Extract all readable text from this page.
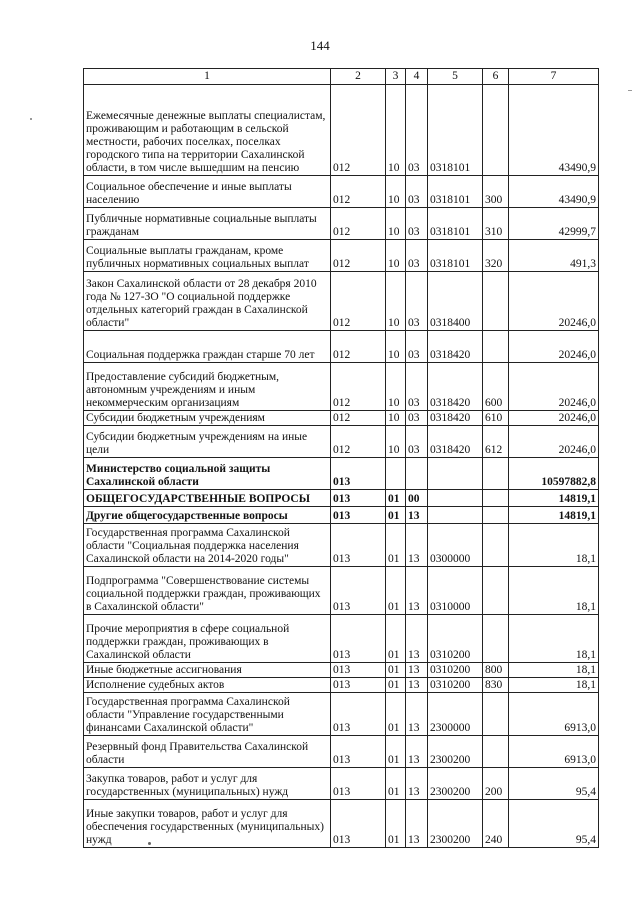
144
1	2	3	4	5	6	7
Ежемесячные денежные выплаты специалистам, проживающим и работающим в сельской местности, рабочих поселках, поселках городского типа на территории Сахалинской области, в том числе вышедшим на пенсию	012	10	03	0318101		43490,9
Социальное обеспечение и иные выплаты населению	012	10	03	0318101	300	43490,9
Публичные нормативные социальные выплаты гражданам	012	10	03	0318101	310	42999,7
Социальные выплаты гражданам, кроме публичных нормативных социальных выплат	012	10	03	0318101	320	491,3
Закон Сахалинской области от 28 декабря 2010 года № 127-ЗО "О социальной поддержке отдельных категорий граждан в Сахалинской области"	012	10	03	0318400		20246,0
Социальная поддержка граждан старше 70 лет	012	10	03	0318420		20246,0
Предоставление субсидий бюджетным, автономным учреждениям и иным некоммерческим организациям	012	10	03	0318420	600	20246,0
Субсидии бюджетным учреждениям	012	10	03	0318420	610	20246,0
Субсидии бюджетным учреждениям на иные цели	012	10	03	0318420	612	20246,0
Министерство социальной защиты Сахалинской области	013					10597882,8
ОБЩЕГОСУДАРСТВЕННЫЕ ВОПРОСЫ	013	01	00			14819,1
Другие общегосударственные вопросы	013	01	13			14819,1
Государственная программа Сахалинской области "Социальная поддержка населения Сахалинской области на 2014-2020 годы"	013	01	13	0300000		18,1
Подпрограмма "Совершенствование системы социальной поддержки граждан, проживающих в Сахалинской области"	013	01	13	0310000		18,1
Прочие мероприятия в сфере социальной поддержки граждан, проживающих в Сахалинской области	013	01	13	0310200		18,1
Иные бюджетные ассигнования	013	01	13	0310200	800	18,1
Исполнение судебных актов	013	01	13	0310200	830	18,1
Государственная программа Сахалинской области "Управление государственными финансами Сахалинской области"	013	01	13	2300000		6913,0
Резервный фонд Правительства Сахалинской области	013	01	13	2300200		6913,0
Закупка товаров, работ и услуг для государственных (муниципальных) нужд	013	01	13	2300200	200	95,4
Иные закупки товаров, работ и услуг для обеспечения государственных (муниципальных) нужд	013	01	13	2300200	240	95,4
